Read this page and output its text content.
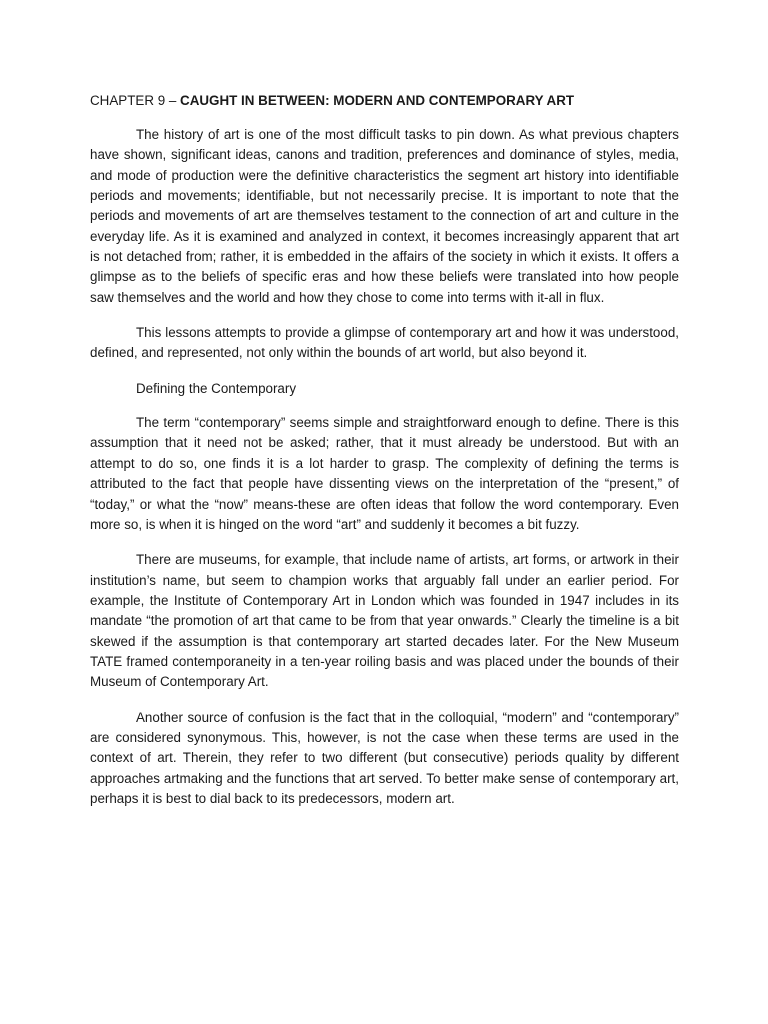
CHAPTER 9 – CAUGHT IN BETWEEN: MODERN AND CONTEMPORARY ART

The history of art is one of the most difficult tasks to pin down. As what previous chapters have shown, significant ideas, canons and tradition, preferences and dominance of styles, media, and mode of production were the definitive characteristics the segment art history into identifiable periods and movements; identifiable, but not necessarily precise. It is important to note that the periods and movements of art are themselves testament to the connection of art and culture in the everyday life. As it is examined and analyzed in context, it becomes increasingly apparent that art is not detached from; rather, it is embedded in the affairs of the society in which it exists. It offers a glimpse as to the beliefs of specific eras and how these beliefs were translated into how people saw themselves and the world and how they chose to come into terms with it-all in flux.

This lessons attempts to provide a glimpse of contemporary art and how it was understood, defined, and represented, not only within the bounds of art world, but also beyond it.

Defining the Contemporary

The term “contemporary” seems simple and straightforward enough to define. There is this assumption that it need not be asked; rather, that it must already be understood. But with an attempt to do so, one finds it is a lot harder to grasp. The complexity of defining the terms is attributed to the fact that people have dissenting views on the interpretation of the “present,” of “today,” or what the “now” means-these are often ideas that follow the word contemporary. Even more so, is when it is hinged on the word “art” and suddenly it becomes a bit fuzzy.

There are museums, for example, that include name of artists, art forms, or artwork in their institution’s name, but seem to champion works that arguably fall under an earlier period. For example, the Institute of Contemporary Art in London which was founded in 1947 includes in its mandate “the promotion of art that came to be from that year onwards.” Clearly the timeline is a bit skewed if the assumption is that contemporary art started decades later. For the New Museum TATE framed contemporaneity in a ten-year roiling basis and was placed under the bounds of their Museum of Contemporary Art.

Another source of confusion is the fact that in the colloquial, “modern” and “contemporary” are considered synonymous. This, however, is not the case when these terms are used in the context of art. Therein, they refer to two different (but consecutive) periods quality by different approaches artmaking and the functions that art served. To better make sense of contemporary art, perhaps it is best to dial back to its predecessors, modern art.
